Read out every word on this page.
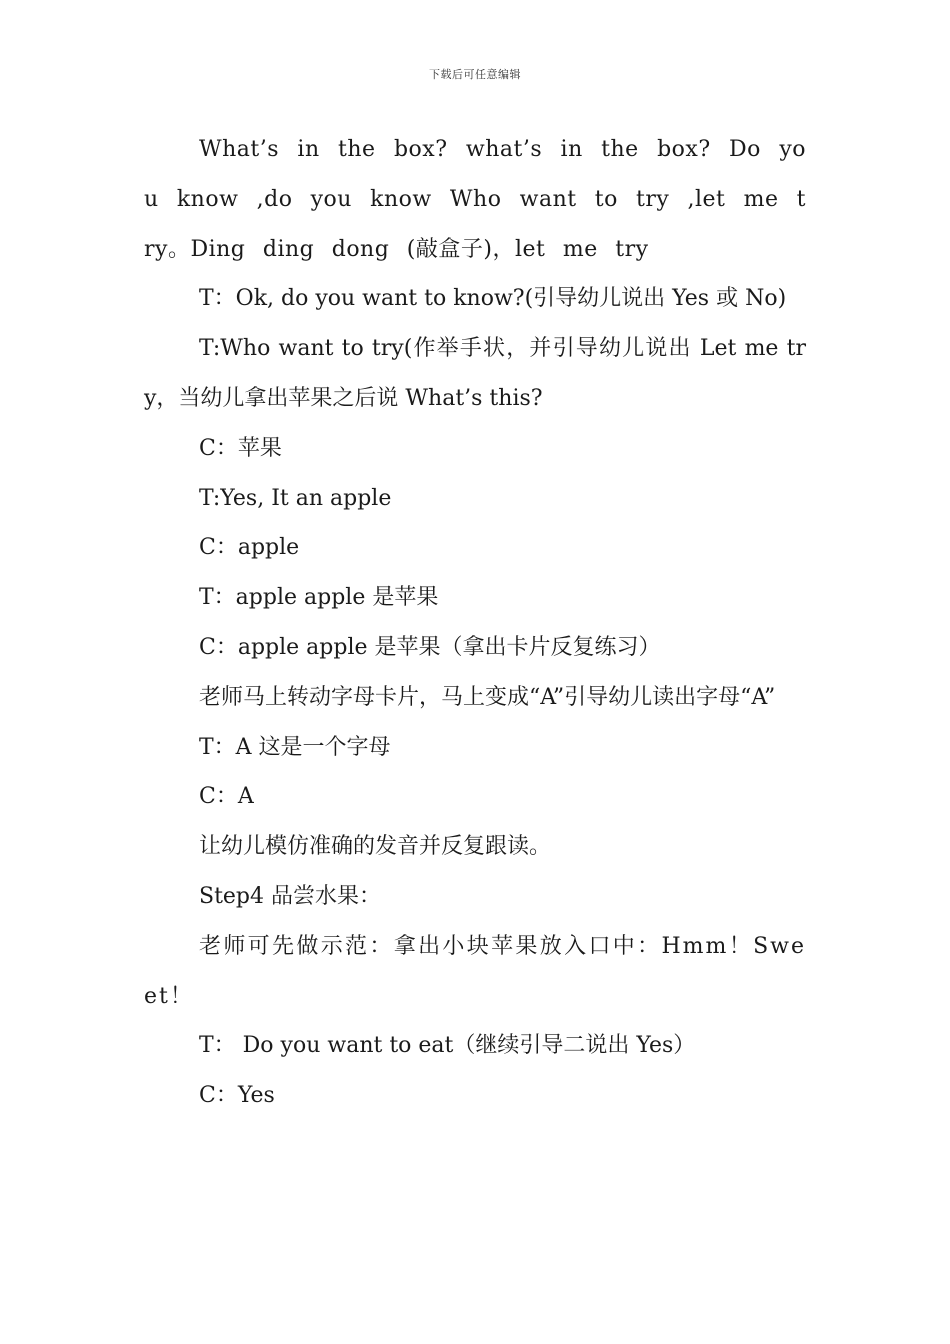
下载后可任意编辑

What’s in the box? what’s in the box? Do you know ,do you know Who want to try ,let me try。Ding ding dong (敲盒子)，let me try

T：Ok, do you want to know?(引导幼儿说出 Yes 或 No)

T:Who want to try(作举手状，并引导幼儿说出 Let me try，当幼儿拿出苹果之后说 What’s this?

C：苹果

T:Yes, It an apple

C：apple

T：apple apple 是苹果

C：apple apple 是苹果（拿出卡片反复练习）

老师马上转动字母卡片，马上变成“A”引导幼儿读出字母“A”

T：A 这是一个字母

C：A

让幼儿模仿准确的发音并反复跟读。

Step4 品尝水果：

老师可先做示范：拿出小块苹果放入口中：Hmm！Sweet！

T： Do you want to eat（继续引导二说出 Yes）

C：Yes
